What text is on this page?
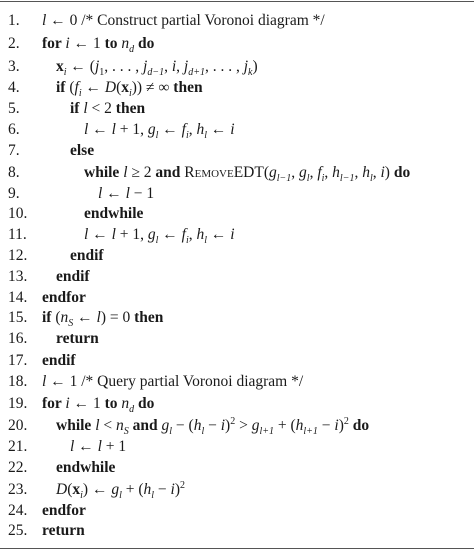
1.	l ← 0 /* Construct partial Voronoi diagram */
2.	for i ← 1 to $n_d$ do
3.	$x_i$ ← ($j_1$, . . . , $j_{d-1}$, i, $j_{d+1}$, . . . , $j_k$)
4.	if ($f_i$ ← $D(x_i)$) ≠ ∞ then
5.	if l < 2 then
6.	l ← l + 1, $g_l$ ← $f_i$, $h_l$ ← i
7.	else
8.	while l ≥ 2 and $RemoveEDT(g_{l-1}$, $g_l$, $f_i$, $h_{l-1}$, $h_l$, i) do
9.	l ← l − 1
10.	endwhile
11.	l ← l + 1, $g_l$ ← $f_i$, $h_l$ ← i
12.	endif
13.	endif
14. endfor
15. if ($n_S$ ← l) = 0 then
16.	return
17. endif
18. l ← 1 /* Query partial Voronoi diagram */
19. for i ← 1 to $n_d$ do
20.	while $l < n_S$ and $g_l - (h_l - i)^2 > g_{l+1} + (h_{l+1} - i)^2$ do
21.	l ← l + 1
22.	endwhile
23.	$D(x_i)$ ← $g_l + (h_l - i)^2$
24. endfor
25. return
